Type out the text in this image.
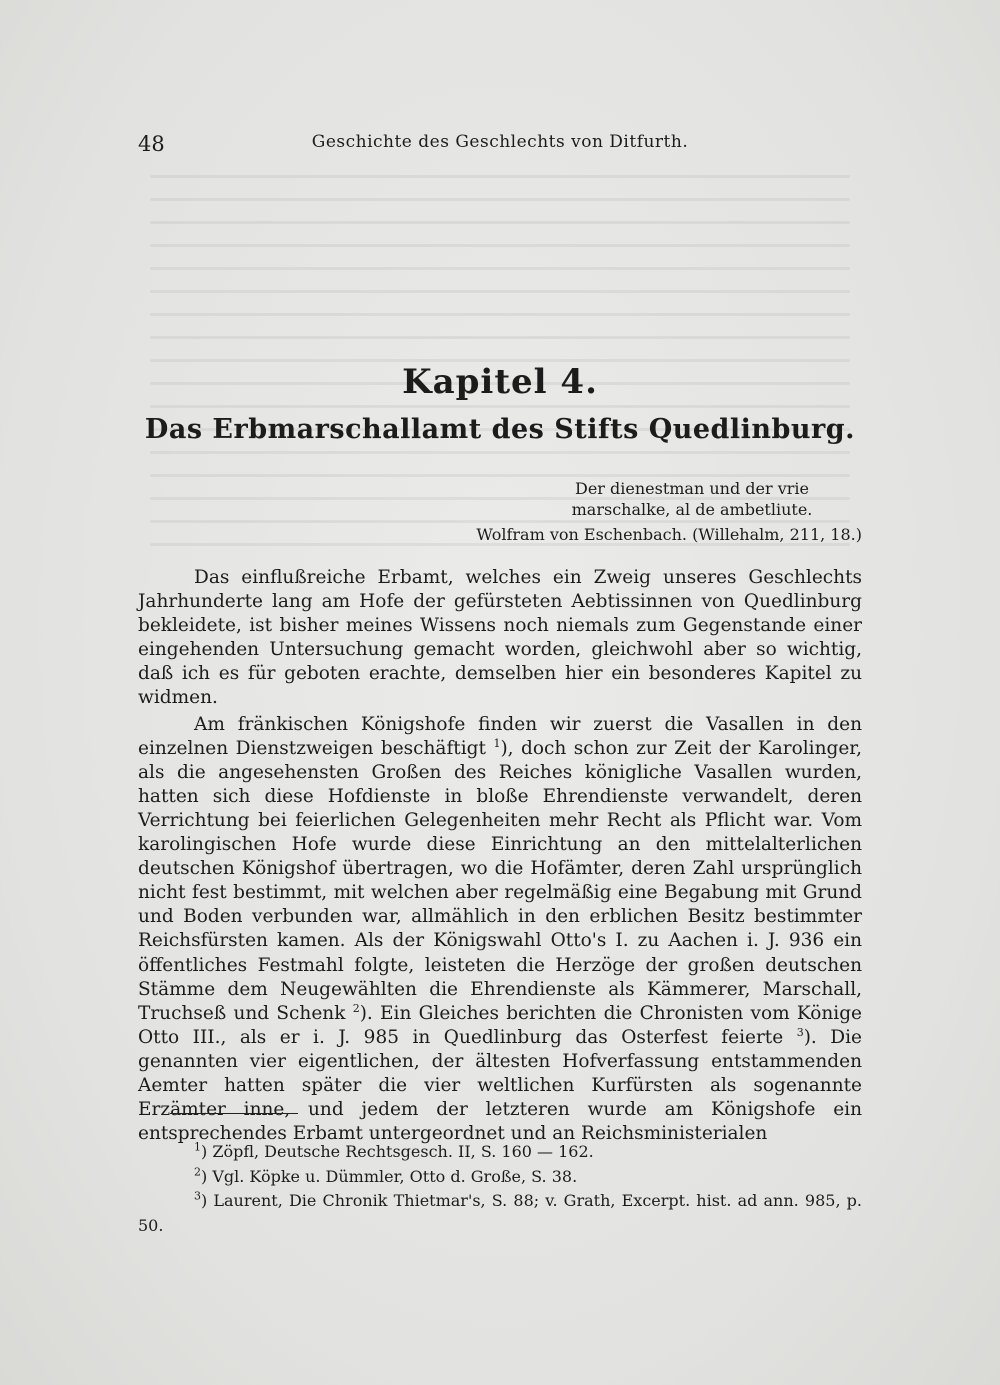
48	Geschichte des Geschlechts von Ditfurth.
Kapitel 4.
Das Erbmarschallamt des Stifts Quedlinburg.
Der dienestman und der vrie
marschalke, al de ambetliute.
Wolfram von Eschenbach. (Willehalm, 211, 18.)

Das einflußreiche Erbamt, welches ein Zweig unseres Geschlechts Jahrhunderte lang am Hofe der gefürsteten Aebtissinnen von Quedlinburg bekleidete, ist bisher meines Wissens noch niemals zum Gegenstande einer eingehenden Untersuchung gemacht worden, gleichwohl aber so wichtig, daß ich es für geboten erachte, demselben hier ein besonderes Kapitel zu widmen.

Am fränkischen Königshofe finden wir zuerst die Vasallen in den einzelnen Dienstzweigen beschäftigt $^1$), doch schon zur Zeit der Karolinger, als die angesehensten Großen des Reiches königliche Vasallen wurden, hatten sich diese Hofdienste in bloße Ehrendienste verwandelt, deren Verrichtung bei feierlichen Gelegenheiten mehr Recht als Pflicht war. Vom karolingischen Hofe wurde diese Einrichtung an den mittelalterlichen deutschen Königshof übertragen, wo die Hofämter, deren Zahl ursprünglich nicht fest bestimmt, mit welchen aber regelmäßig eine Begabung mit Grund und Boden verbunden war, allmählich in den erblichen Besitz bestimmter Reichsfürsten kamen. Als der Königswahl Otto's I. zu Aachen i. J. 936 ein öffentliches Festmahl folgte, leisteten die Herzöge der großen deutschen Stämme dem Neugewählten die Ehrendienste als Kämmerer, Marschall, Truchseß und Schenk $^2$). Ein Gleiches berichten die Chronisten vom Könige Otto III., als er i. J. 985 in Quedlinburg das Osterfest feierte $^3$). Die genannten vier eigentlichen, der ältesten Hofverfassung entstammenden Aemter hatten später die vier weltlichen Kurfürsten als sogenannte Erzämter inne, und jedem der letzteren wurde am Königshofe ein entsprechendes Erbamt untergeordnet und an Reichsministerialen

$^1$) Zöpfl, Deutsche Rechtsgesch. II, S. 160 — 162.
$^2$) Vgl. Köpke u. Dümmler, Otto d. Große, S. 38.
$^3$) Laurent, Die Chronik Thietmar's, S. 88; v. Grath, Excerpt. hist. ad ann. 985, p. 50.
